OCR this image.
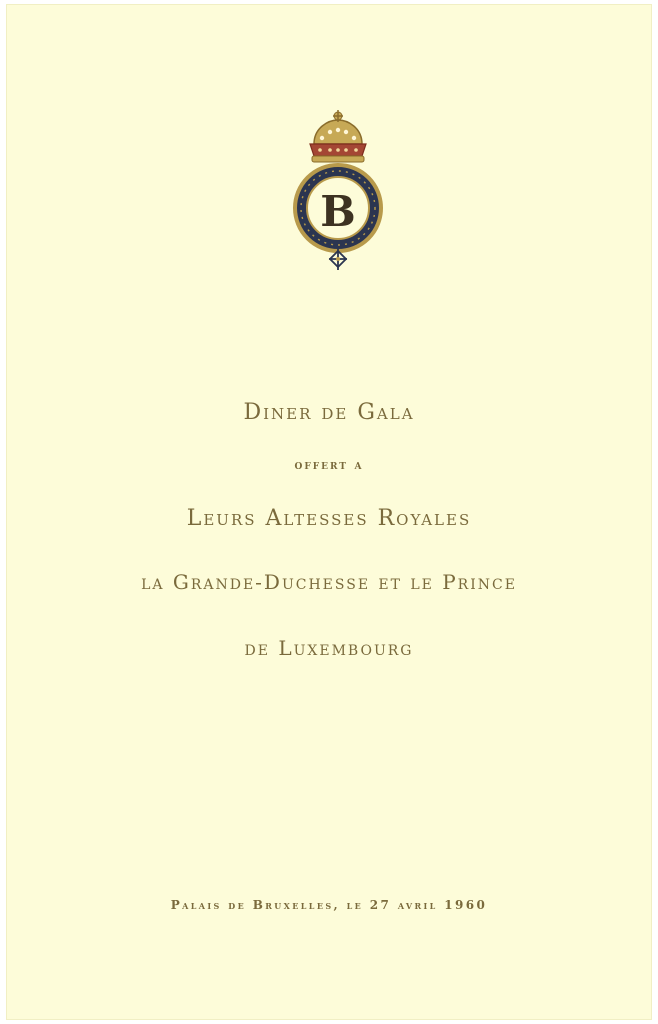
B
Diner de Gala
offert a
Leurs Altesses Royales
la Grande-Duchesse et le Prince
de Luxembourg
Palais de Bruxelles, le 27 avril 1960
